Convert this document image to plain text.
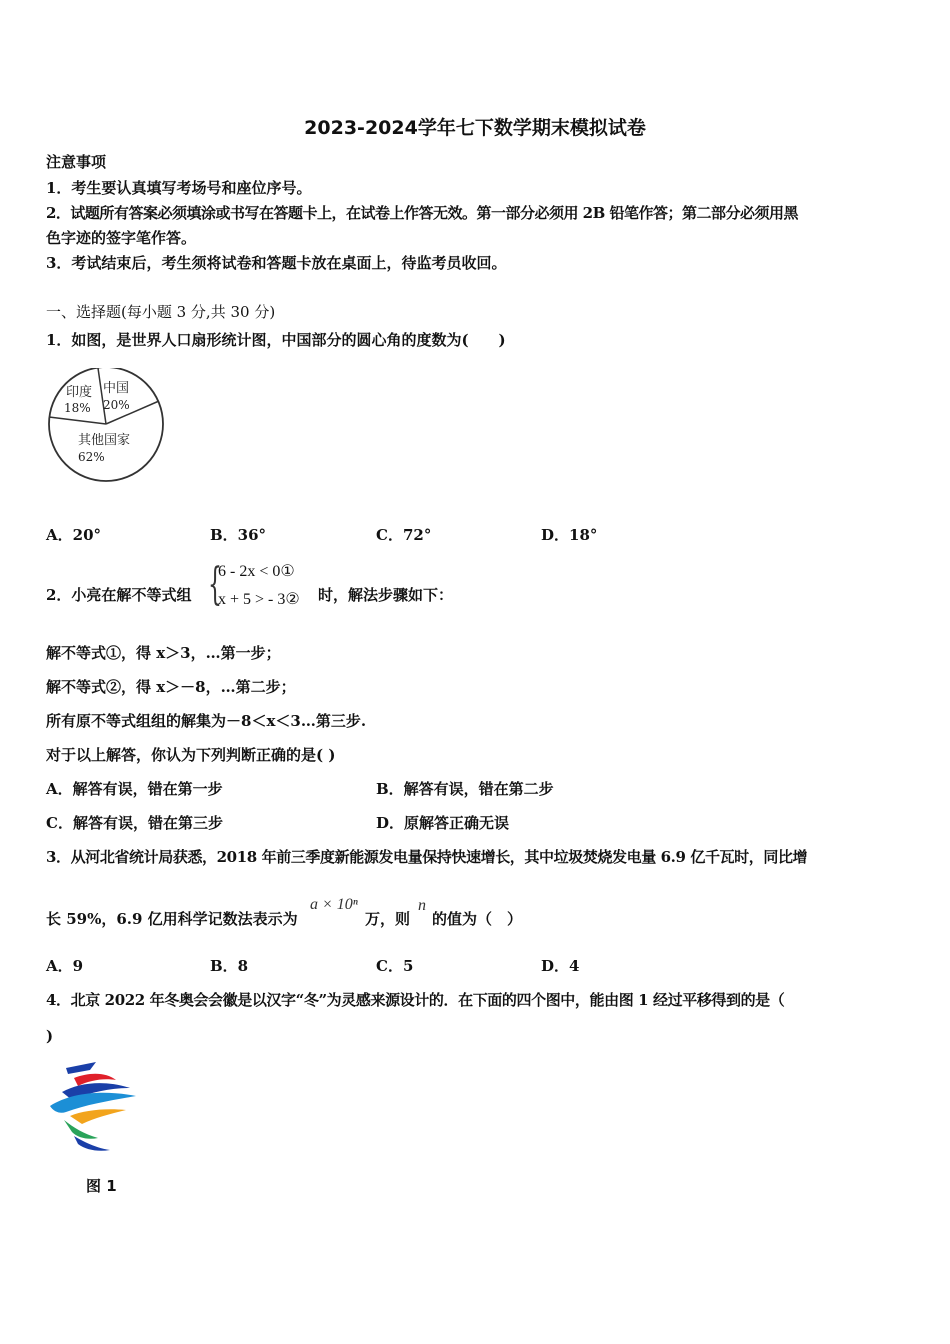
2023-2024学年七下数学期末模拟试卷
注意事项
1．考生要认真填写考场号和座位序号。
2．试题所有答案必须填涂或书写在答题卡上，在试卷上作答无效。第一部分必须用 2B 铅笔作答；第二部分必须用黑
色字迹的签字笔作答。
3．考试结束后，考生须将试卷和答题卡放在桌面上，待监考员收回。
一、选择题(每小题 3 分,共 30 分)
1．如图，是世界人口扇形统计图，中国部分的圆心角的度数为(　　)
印度
18%
中国
20%
其他国家
62%
A．20°	B．36°	C．72°	D．18°
2．小亮在解不等式组 {
6 - 2x < 0①
x + 5 > - 3② 时，解法步骤如下：
解不等式①，得 x＞3，…第一步；
解不等式②，得 x＞－8，…第二步；
所有原不等式组组的解集为－8＜x＜3…第三步.
对于以上解答，你认为下列判断正确的是( )
A．解答有误，错在第一步	B．解答有误，错在第二步
C．解答有误，错在第三步	D．原解答正确无误
3．从河北省统计局获悉，2018 年前三季度新能源发电量保持快速增长，其中垃圾焚烧发电量 6.9 亿千瓦时，同比增
长 59%，6.9 亿用科学记数法表示为
a × 10ⁿ
万，则
n
的值为（　）
A．9	B．8	C．5	D．4
4．北京 2022 年冬奥会会徽是以汉字“冬”为灵感来源设计的．在下面的四个图中，能由图 1 经过平移得到的是（
)
图 1
